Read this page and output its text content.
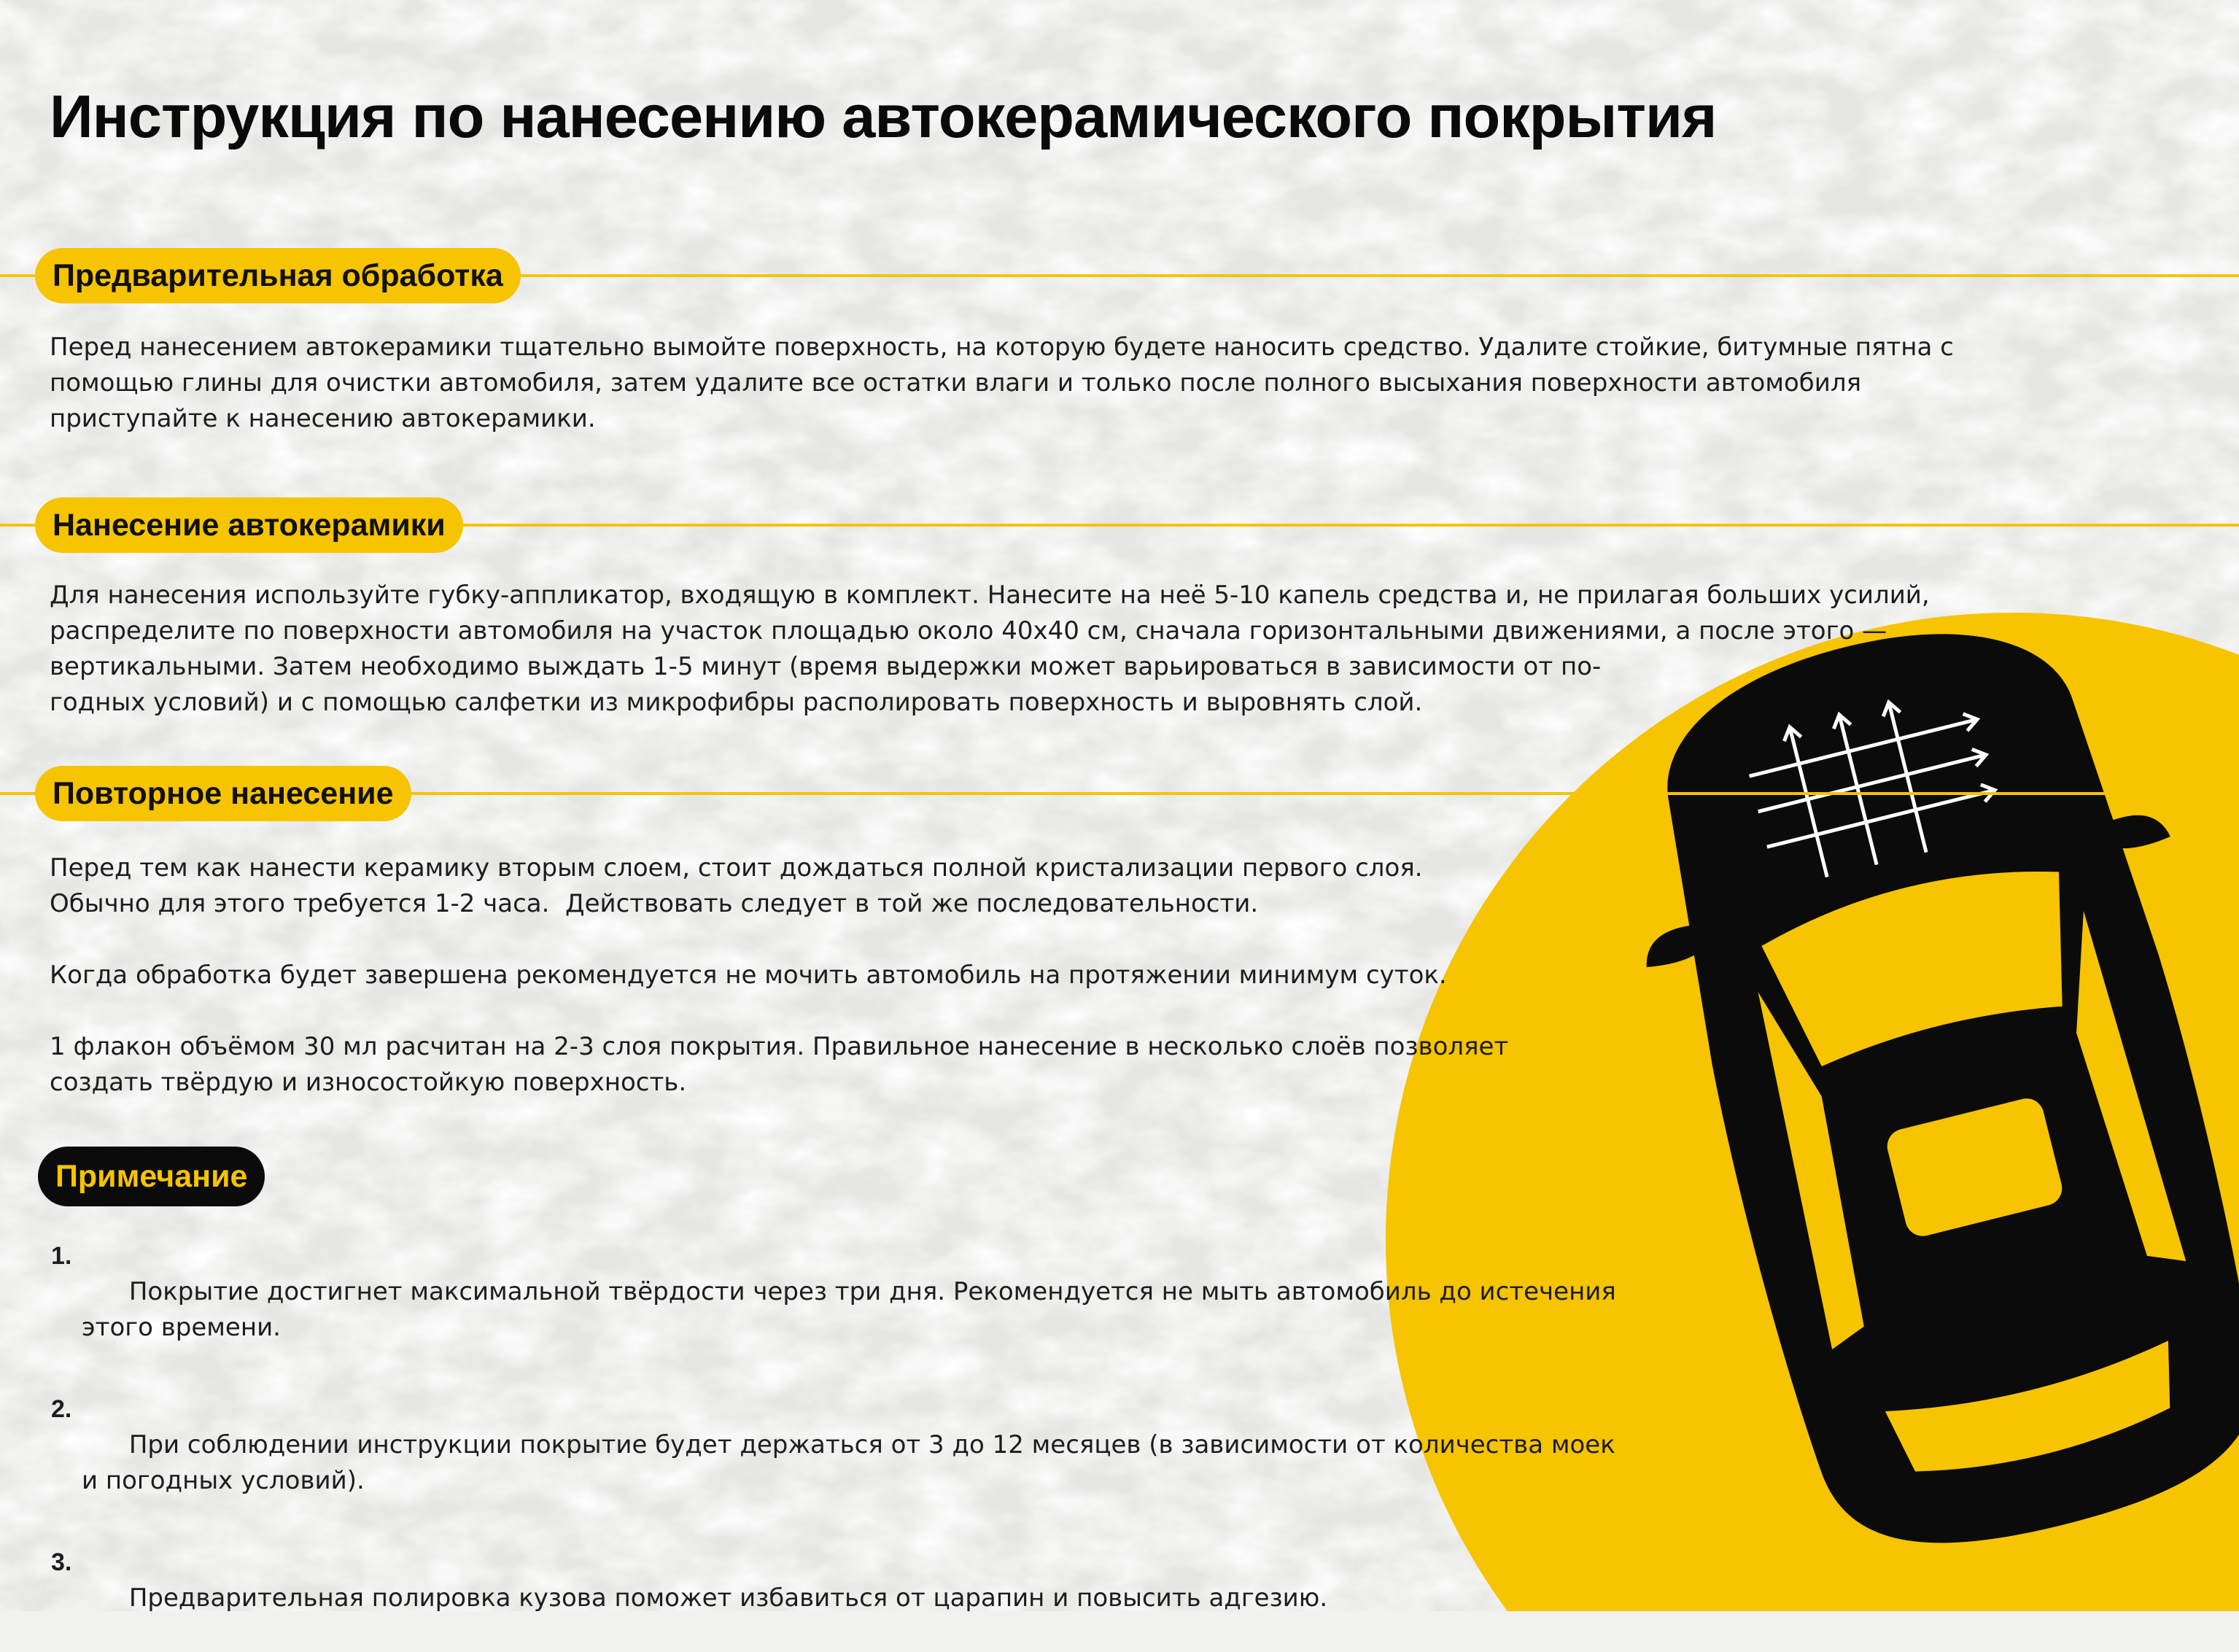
Инструкция по нанесению автокерамического покрытия
Предварительная обработка

Перед нанесением автокерамики тщательно вымойте поверхность, на которую будете наносить средство. Удалите стойкие, битумные пятна с
помощью глины для очистки автомобиля, затем удалите все остатки влаги и только после полного высыхания поверхности автомобиля
приступайте к нанесению автокерамики.

Нанесение автокерамики

Для нанесения используйте губку-аппликатор, входящую в комплект. Нанесите на неё 5-10 капель средства и, не прилагая больших усилий,
распределите по поверхности автомобиля на участок площадью около 40х40 см, сначала горизонтальными движениями, а после этого —
вертикальными. Затем необходимо выждать 1-5 минут (время выдержки может варьироваться в зависимости от по-
годных условий) и с помощью салфетки из микрофибры располировать поверхность и выровнять слой.

Повторное нанесение

Перед тем как нанести керамику вторым слоем, стоит дождаться полной кристализации первого слоя.
Обычно для этого требуется 1-2 часа.  Действовать следует в той же последовательности.

Когда обработка будет завершена рекомендуется не мочить автомобиль на протяжении минимум суток.

1 флакон объёмом 30 мл расчитан на 2-3 слоя покрытия. Правильное нанесение в несколько слоёв позволяет
создать твёрдую и износостойкую поверхность.

Примечание

1.
Покрытие достигнет максимальной твёрдости через три дня. Рекомендуется не мыть автомобиль до истечения
этого времени.

2.
При соблюдении инструкции покрытие будет держаться от 3 до 12 месяцев (в зависимости от количества моек
и погодных условий).

3.
Предварительная полировка кузова поможет избавиться от царапин и повысить адгезию.
